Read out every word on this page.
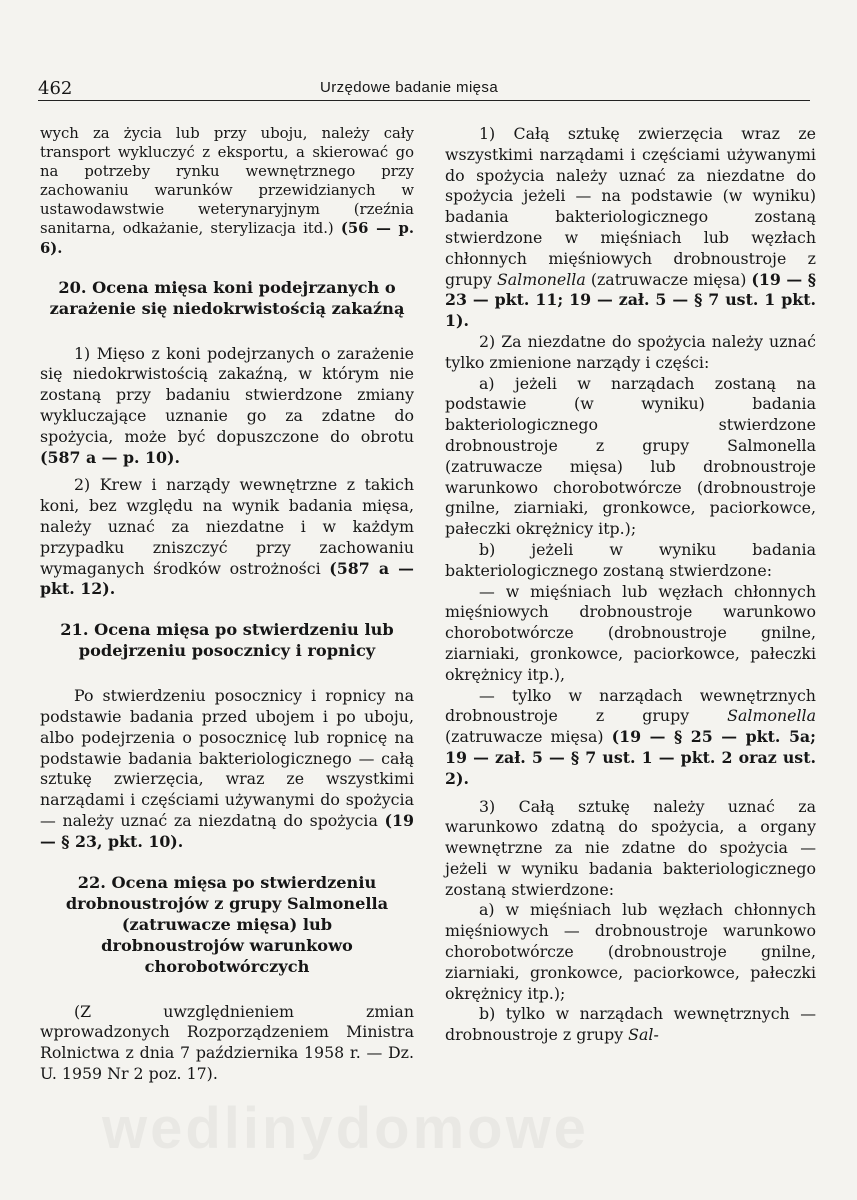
462	Urzędowe badanie mięsa

wych za życia lub przy uboju, należy cały transport wykluczyć z eksportu, a skierować go na potrzeby rynku wewnętrznego przy zachowaniu warunków przewidzianych w ustawodawstwie weterynaryjnym (rzeźnia sanitarna, odkażanie, sterylizacja itd.) (56 — p. 6).

20. Ocena mięsa koni podejrzanych o zarażenie się niedokrwistością zakaźną

1) Mięso z koni podejrzanych o zarażenie się niedokrwistością zakaźną, w którym nie zostaną przy badaniu stwierdzone zmiany wykluczające uznanie go za zdatne do spożycia, może być dopuszczone do obrotu (587 a — p. 10).

2) Krew i narządy wewnętrzne z takich koni, bez względu na wynik badania mięsa, należy uznać za niezdatne i w każdym przypadku zniszczyć przy zachowaniu wymaganych środków ostrożności (587 a — pkt. 12).

21. Ocena mięsa po stwierdzeniu lub podejrzeniu posocznicy i ropnicy

Po stwierdzeniu posocznicy i ropnicy na podstawie badania przed ubojem i po uboju, albo podejrzenia o posocznicę lub ropnicę na podstawie badania bakteriologicznego — całą sztukę zwierzęcia, wraz ze wszystkimi narządami i częściami używanymi do spożycia — należy uznać za niezdatną do spożycia (19 — § 23, pkt. 10).

22. Ocena mięsa po stwierdzeniu drobnoustrojów z grupy Salmonella (zatruwacze mięsa) lub drobnoustrojów warunkowo chorobotwórczych

(Z uwzględnieniem zmian wprowadzonych Rozporządzeniem Ministra Rolnictwa z dnia 7 października 1958 r. — Dz. U. 1959 Nr 2 poz. 17).

1) Całą sztukę zwierzęcia wraz ze wszystkimi narządami i częściami używanymi do spożycia należy uznać za niezdatne do spożycia jeżeli — na podstawie (w wyniku) badania bakteriologicznego zostaną stwierdzone w mięśniach lub węzłach chłonnych mięśniowych drobnoustroje z grupy Salmonella (zatruwacze mięsa) (19 — § 23 — pkt. 11; 19 — zał. 5 — § 7 ust. 1 pkt. 1).

2) Za niezdatne do spożycia należy uznać tylko zmienione narządy i części:

a) jeżeli w narządach zostaną na podstawie (w wyniku) badania bakteriologicznego stwierdzone drobnoustroje z grupy Salmonella (zatruwacze mięsa) lub drobnoustroje warunkowo chorobotwórcze (drobnoustroje gnilne, ziarniaki, gronkowce, paciorkowce, pałeczki okrężnicy itp.);

b) jeżeli w wyniku badania bakteriologicznego zostaną stwierdzone:

— w mięśniach lub węzłach chłonnych mięśniowych drobnoustroje warunkowo chorobotwórcze (drobnoustroje gnilne, ziarniaki, gronkowce, paciorkowce, pałeczki okrężnicy itp.),

— tylko w narządach wewnętrznych drobnoustroje z grupy Salmonella (zatruwacze mięsa) (19 — § 25 — pkt. 5a; 19 — zał. 5 — § 7 ust. 1 — pkt. 2 oraz ust. 2).

3) Całą sztukę należy uznać za warunkowo zdatną do spożycia, a organy wewnętrzne za nie zdatne do spożycia — jeżeli w wyniku badania bakteriologicznego zostaną stwierdzone:

a) w mięśniach lub węzłach chłonnych mięśniowych — drobnoustroje warunkowo chorobotwórcze (drobnoustroje gnilne, ziarniaki, gronkowce, paciorkowce, pałeczki okrężnicy itp.);

b) tylko w narządach wewnętrznych — drobnoustroje z grupy Sal-
